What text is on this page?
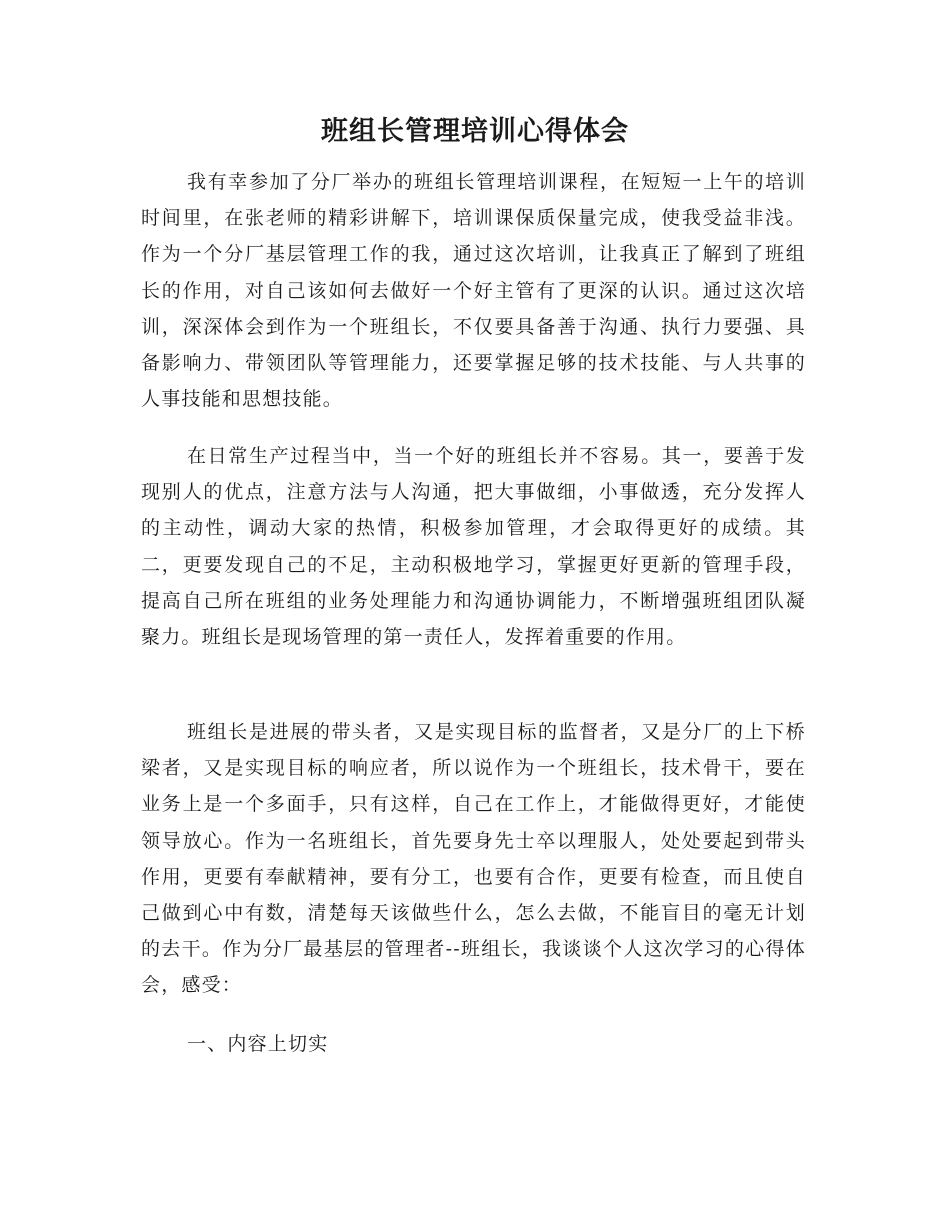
班组长管理培训心得体会

我有幸参加了分厂举办的班组长管理培训课程，在短短一上午的培训时间里，在张老师的精彩讲解下，培训课保质保量完成，使我受益非浅。作为一个分厂基层管理工作的我，通过这次培训，让我真正了解到了班组长的作用，对自己该如何去做好一个好主管有了更深的认识。通过这次培训，深深体会到作为一个班组长，不仅要具备善于沟通、执行力要强、具备影响力、带领团队等管理能力，还要掌握足够的技术技能、与人共事的人事技能和思想技能。

在日常生产过程当中，当一个好的班组长并不容易。其一，要善于发现别人的优点，注意方法与人沟通，把大事做细，小事做透，充分发挥人的主动性，调动大家的热情，积极参加管理，才会取得更好的成绩。其二，更要发现自己的不足，主动积极地学习，掌握更好更新的管理手段，提高自己所在班组的业务处理能力和沟通协调能力，不断增强班组团队凝聚力。班组长是现场管理的第一责任人，发挥着重要的作用。

班组长是进展的带头者，又是实现目标的监督者，又是分厂的上下桥梁者，又是实现目标的响应者，所以说作为一个班组长，技术骨干，要在业务上是一个多面手，只有这样，自己在工作上，才能做得更好，才能使领导放心。作为一名班组长，首先要身先士卒以理服人，处处要起到带头作用，更要有奉献精神，要有分工，也要有合作，更要有检查，而且使自己做到心中有数，清楚每天该做些什么，怎么去做，不能盲目的毫无计划的去干。作为分厂最基层的管理者--班组长，我谈谈个人这次学习的心得体会，感受：

一、内容上切实
